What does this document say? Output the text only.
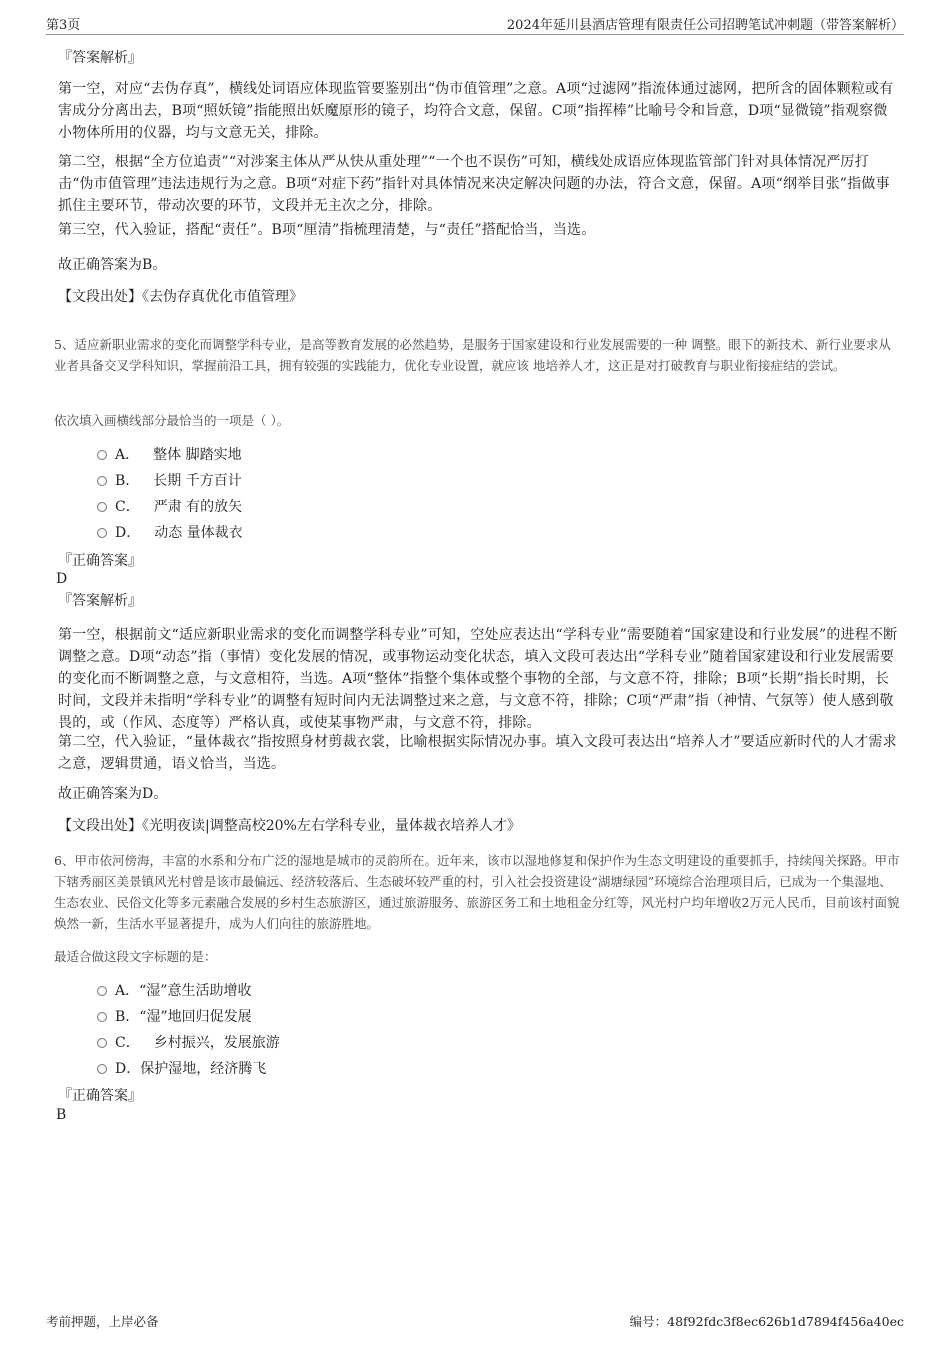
第3页	2024年延川县酒店管理有限责任公司招聘笔试冲刺题（带答案解析）
『答案解析』
第一空，对应“去伪存真”，横线处词语应体现监管要鉴别出“伪市值管理”之意。A项“过滤网”指流体通过滤网，把所含的固体颗粒或有害成分分离出去，B项“照妖镜”指能照出妖魔原形的镜子，均符合文意，保留。C项“指挥棒”比喻号令和旨意，D项“显微镜”指观察微小物体所用的仪器，均与文意无关，排除。
第二空，根据“全方位追责”“对涉案主体从严从快从重处理”“一个也不误伤”可知，横线处成语应体现监管部门针对具体情况严厉打击“伪市值管理”违法违规行为之意。B项“对症下药”指针对具体情况来决定解决问题的办法，符合文意，保留。A项“纲举目张”指做事抓住主要环节，带动次要的环节，文段并无主次之分，排除。
第三空，代入验证，搭配“责任”。B项“厘清”指梳理清楚，与“责任”搭配恰当，当选。
故正确答案为B。
【文段出处】《去伪存真优化市值管理》
5、适应新职业需求的变化而调整学科专业，是高等教育发展的必然趋势，是服务于国家建设和行业发展需要的一种 调整。眼下的新技术、新行业要求从业者具备交叉学科知识，掌握前沿工具，拥有较强的实践能力，优化专业设置，就应该 地培养人才，这正是对打破教育与职业衔接症结的尝试。
依次填入画横线部分最恰当的一项是（ ）。
A． 整体 脚踏实地
B． 长期 千方百计
C． 严肃 有的放矢
D． 动态 量体裁衣
『正确答案』
D
『答案解析』
第一空，根据前文“适应新职业需求的变化而调整学科专业”可知，空处应表达出“学科专业”需要随着“国家建设和行业发展”的进程不断调整之意。D项“动态”指（事情）变化发展的情况，或事物运动变化状态，填入文段可表达出“学科专业”随着国家建设和行业发展需要的变化而不断调整之意，与文意相符，当选。A项“整体”指整个集体或整个事物的全部，与文意不符，排除；B项“长期”指长时期，长时间，文段并未指明“学科专业”的调整有短时间内无法调整过来之意，与文意不符，排除；C项“严肃”指（神情、气氛等）使人感到敬畏的，或（作风、态度等）严格认真，或使某事物严肃，与文意不符，排除。
第二空，代入验证，“量体裁衣”指按照身材剪裁衣裳，比喻根据实际情况办事。填入文段可表达出“培养人才”要适应新时代的人才需求之意，逻辑贯通，语义恰当，当选。
故正确答案为D。
【文段出处】《光明夜读|调整高校20%左右学科专业，量体裁衣培养人才》
6、甲市依河傍海，丰富的水系和分布广泛的湿地是城市的灵韵所在。近年来，该市以湿地修复和保护作为生态文明建设的重要抓手，持续闯关探路。甲市下辖秀丽区美景镇风光村曾是该市最偏远、经济较落后、生态破坏较严重的村，引入社会投资建设“湖塘绿园”环境综合治理项目后，已成为一个集湿地、生态农业、民俗文化等多元素融合发展的乡村生态旅游区，通过旅游服务、旅游区务工和土地租金分红等，风光村户均年增收2万元人民币，目前该村面貌焕然一新，生活水平显著提升，成为人们向往的旅游胜地。
最适合做这段文字标题的是：
A．“湿”意生活助增收
B．“湿”地回归促发展
C． 乡村振兴，发展旅游
D．保护湿地，经济腾飞
『正确答案』
B
考前押题，上岸必备	编号：48f92fdc3f8ec626b1d7894f456a40ec
